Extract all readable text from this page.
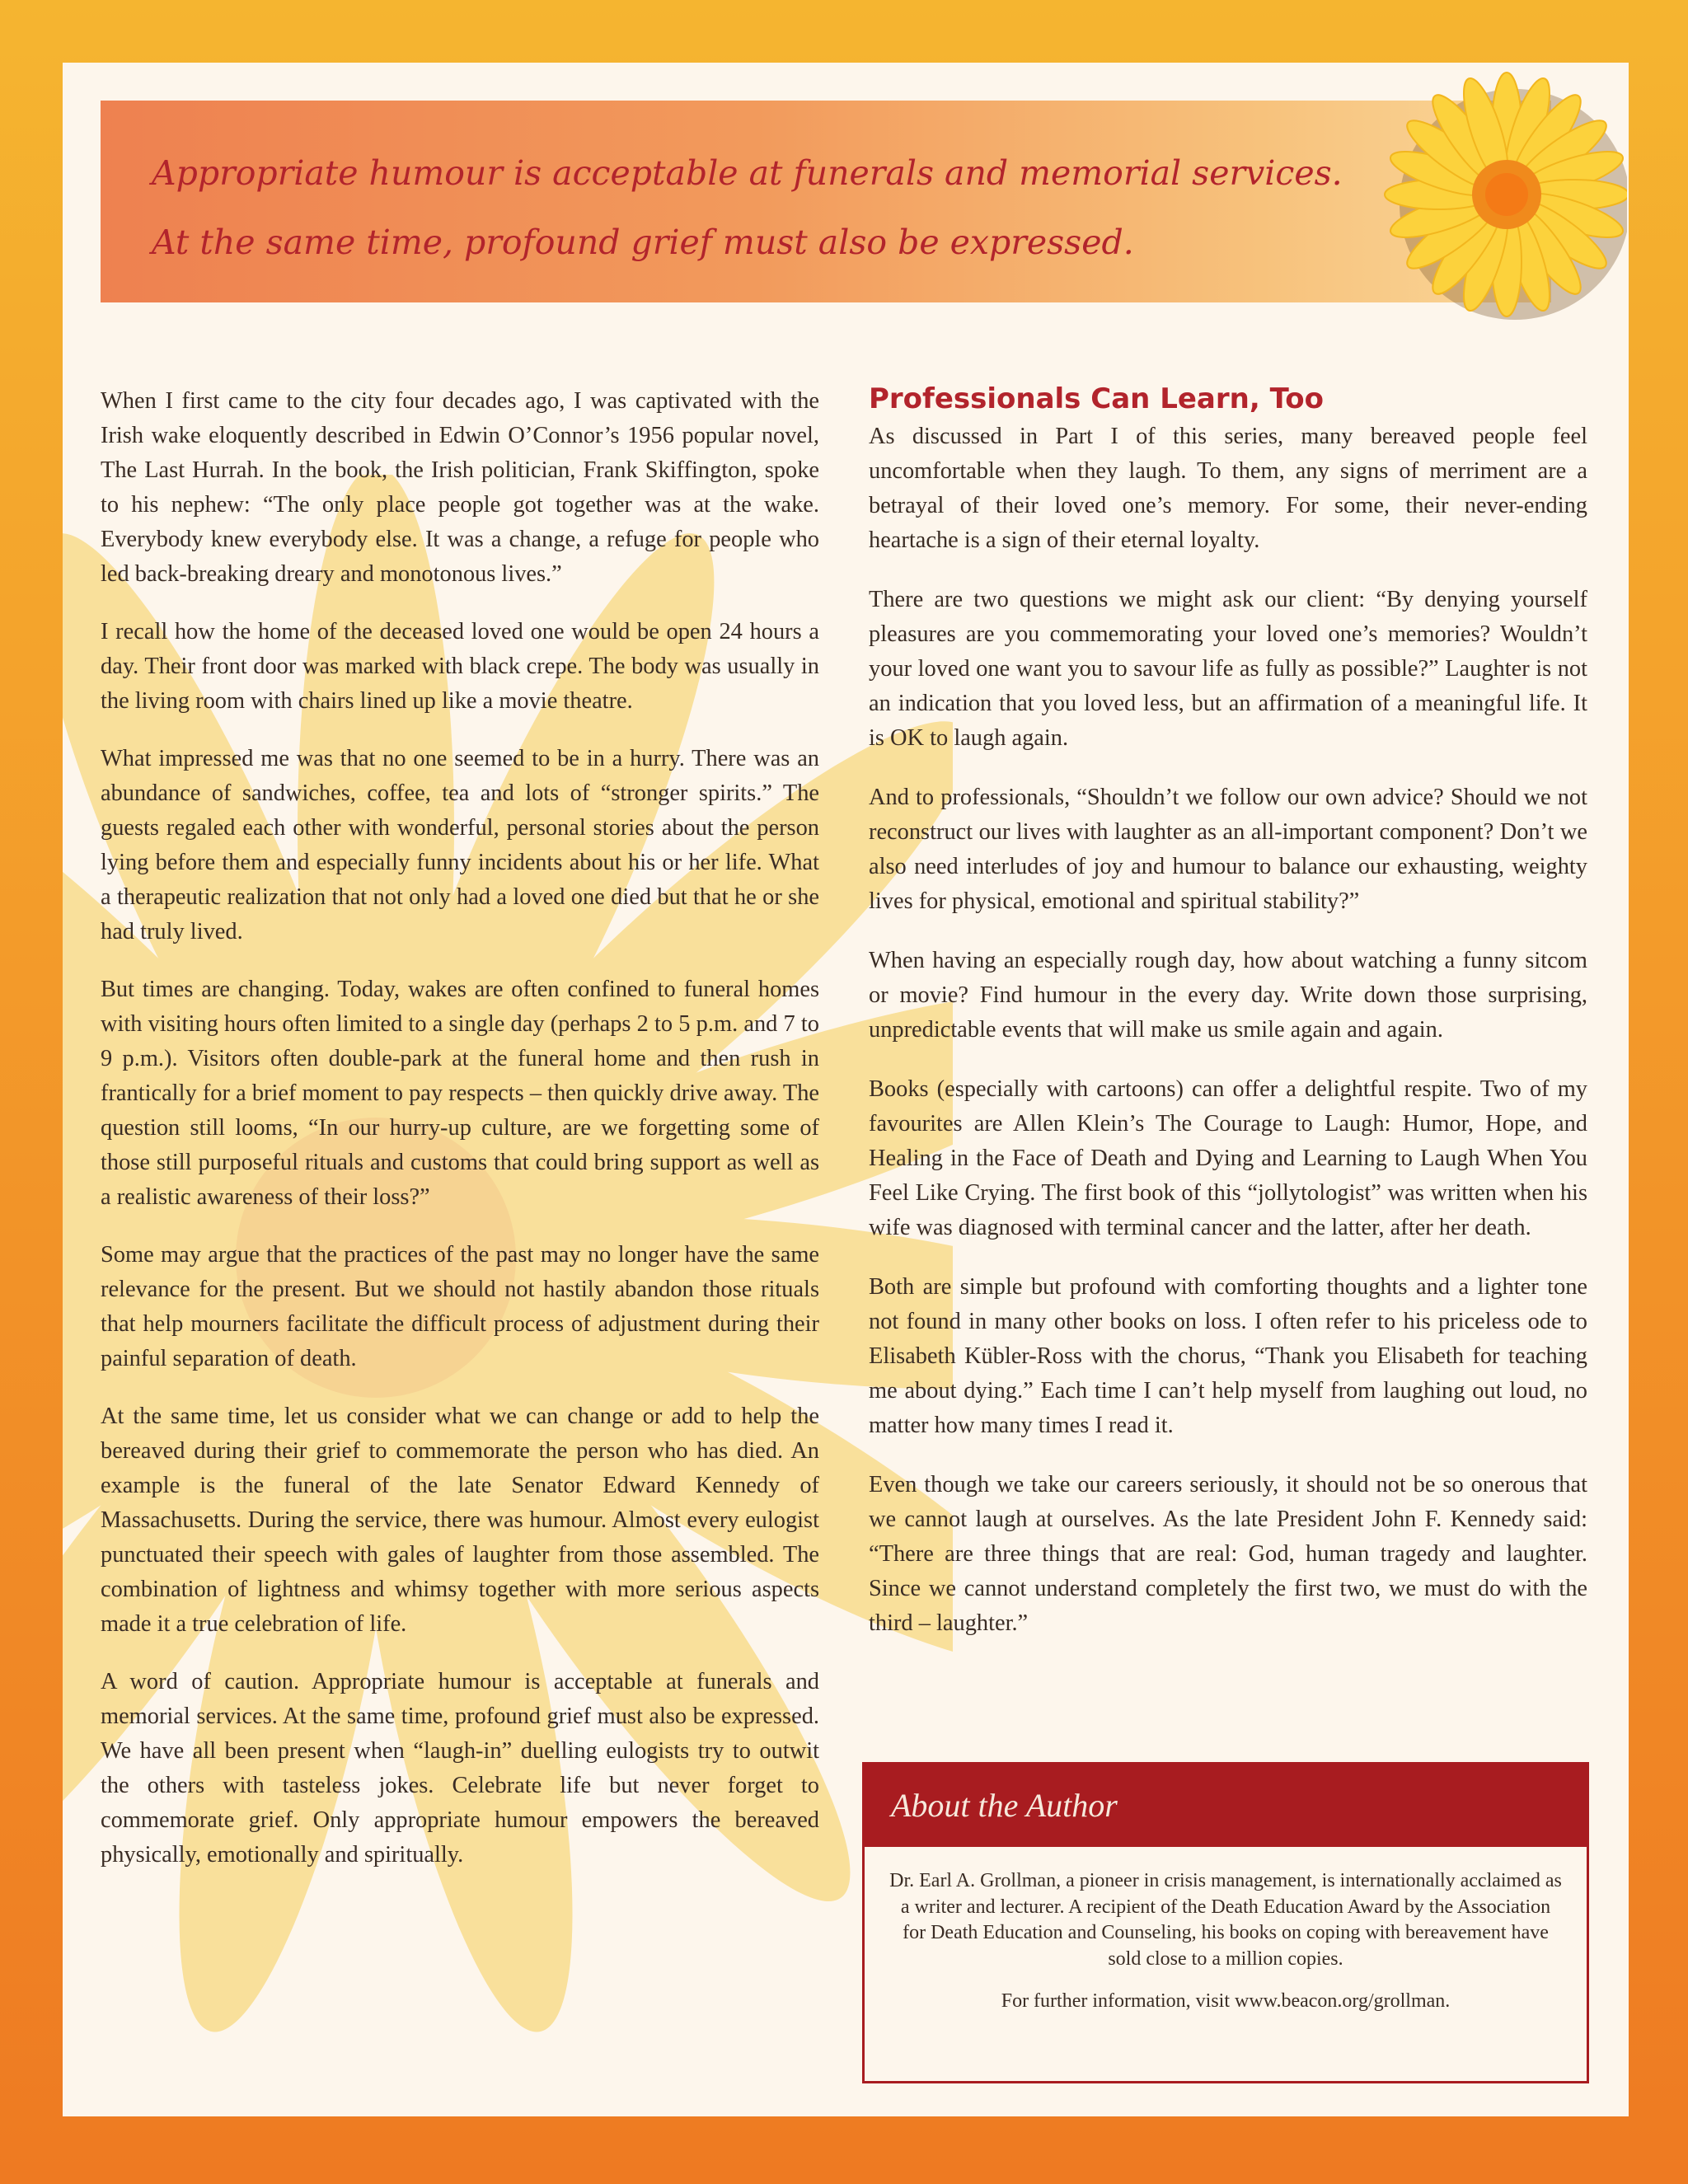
Appropriate humour is acceptable at funerals and memorial services.
At the same time, profound grief must also be expressed.

When I first came to the city four decades ago, I was captivated with the Irish wake eloquently described in Edwin O’Connor’s 1956 popular novel, The Last Hurrah. In the book, the Irish politician, Frank Skiffington, spoke to his nephew: “The only place people got together was at the wake. Everybody knew everybody else. It was a change, a refuge for people who led back-breaking dreary and monotonous lives.”

I recall how the home of the deceased loved one would be open 24 hours a day. Their front door was marked with black crepe. The body was usually in the living room with chairs lined up like a movie theatre.

What impressed me was that no one seemed to be in a hurry. There was an abundance of sandwiches, coffee, tea and lots of “stronger spirits.” The guests regaled each other with wonderful, personal stories about the person lying before them and especially funny incidents about his or her life. What a therapeutic realization that not only had a loved one died but that he or she had truly lived.

But times are changing. Today, wakes are often confined to funeral homes with visiting hours often limited to a single day (perhaps 2 to 5 p.m. and 7 to 9 p.m.). Visitors often double-park at the funeral home and then rush in frantically for a brief moment to pay respects – then quickly drive away. The question still looms, “In our hurry-up culture, are we forgetting some of those still purposeful rituals and customs that could bring support as well as a realistic awareness of their loss?”

Some may argue that the practices of the past may no longer have the same relevance for the present. But we should not hastily abandon those rituals that help mourners facilitate the difficult process of adjustment during their painful separation of death.

At the same time, let us consider what we can change or add to help the bereaved during their grief to commemorate the person who has died. An example is the funeral of the late Senator Edward Kennedy of Massachusetts. During the service, there was humour. Almost every eulogist punctuated their speech with gales of laughter from those assembled. The combination of lightness and whimsy together with more serious aspects made it a true celebration of life.

A word of caution. Appropriate humour is acceptable at funerals and memorial services. At the same time, profound grief must also be expressed. We have all been present when “laugh-in” duelling eulogists try to outwit the others with tasteless jokes. Celebrate life but never forget to commemorate grief. Only appropriate humour empowers the bereaved physically, emotionally and spiritually.

Professionals Can Learn, Too

As discussed in Part I of this series, many bereaved people feel uncomfortable when they laugh. To them, any signs of merriment are a betrayal of their loved one’s memory. For some, their never-ending heartache is a sign of their eternal loyalty.

There are two questions we might ask our client: “By denying yourself pleasures are you commemorating your loved one’s memories? Wouldn’t your loved one want you to savour life as fully as possible?” Laughter is not an indication that you loved less, but an affirmation of a meaningful life. It is OK to laugh again.

And to professionals, “Shouldn’t we follow our own advice? Should we not reconstruct our lives with laughter as an all-important component? Don’t we also need interludes of joy and humour to balance our exhausting, weighty lives for physical, emotional and spiritual stability?”

When having an especially rough day, how about watching a funny sitcom or movie? Find humour in the every day. Write down those surprising, unpredictable events that will make us smile again and again.

Books (especially with cartoons) can offer a delightful respite. Two of my favourites are Allen Klein’s The Courage to Laugh: Humor, Hope, and Healing in the Face of Death and Dying and Learning to Laugh When You Feel Like Crying. The first book of this “jollytologist” was written when his wife was diagnosed with terminal cancer and the latter, after her death.

Both are simple but profound with comforting thoughts and a lighter tone not found in many other books on loss. I often refer to his priceless ode to Elisabeth Kübler-Ross with the chorus, “Thank you Elisabeth for teaching me about dying.” Each time I can’t help myself from laughing out loud, no matter how many times I read it.

Even though we take our careers seriously, it should not be so onerous that we cannot laugh at ourselves. As the late President John F. Kennedy said: “There are three things that are real: God, human tragedy and laughter. Since we cannot understand completely the first two, we must do with the third – laughter.”

About the Author

Dr. Earl A. Grollman, a pioneer in crisis management, is internationally acclaimed as a writer and lecturer. A recipient of the Death Education Award by the Association for Death Education and Counseling, his books on coping with bereavement have sold close to a million copies.

For further information, visit www.beacon.org/grollman.
